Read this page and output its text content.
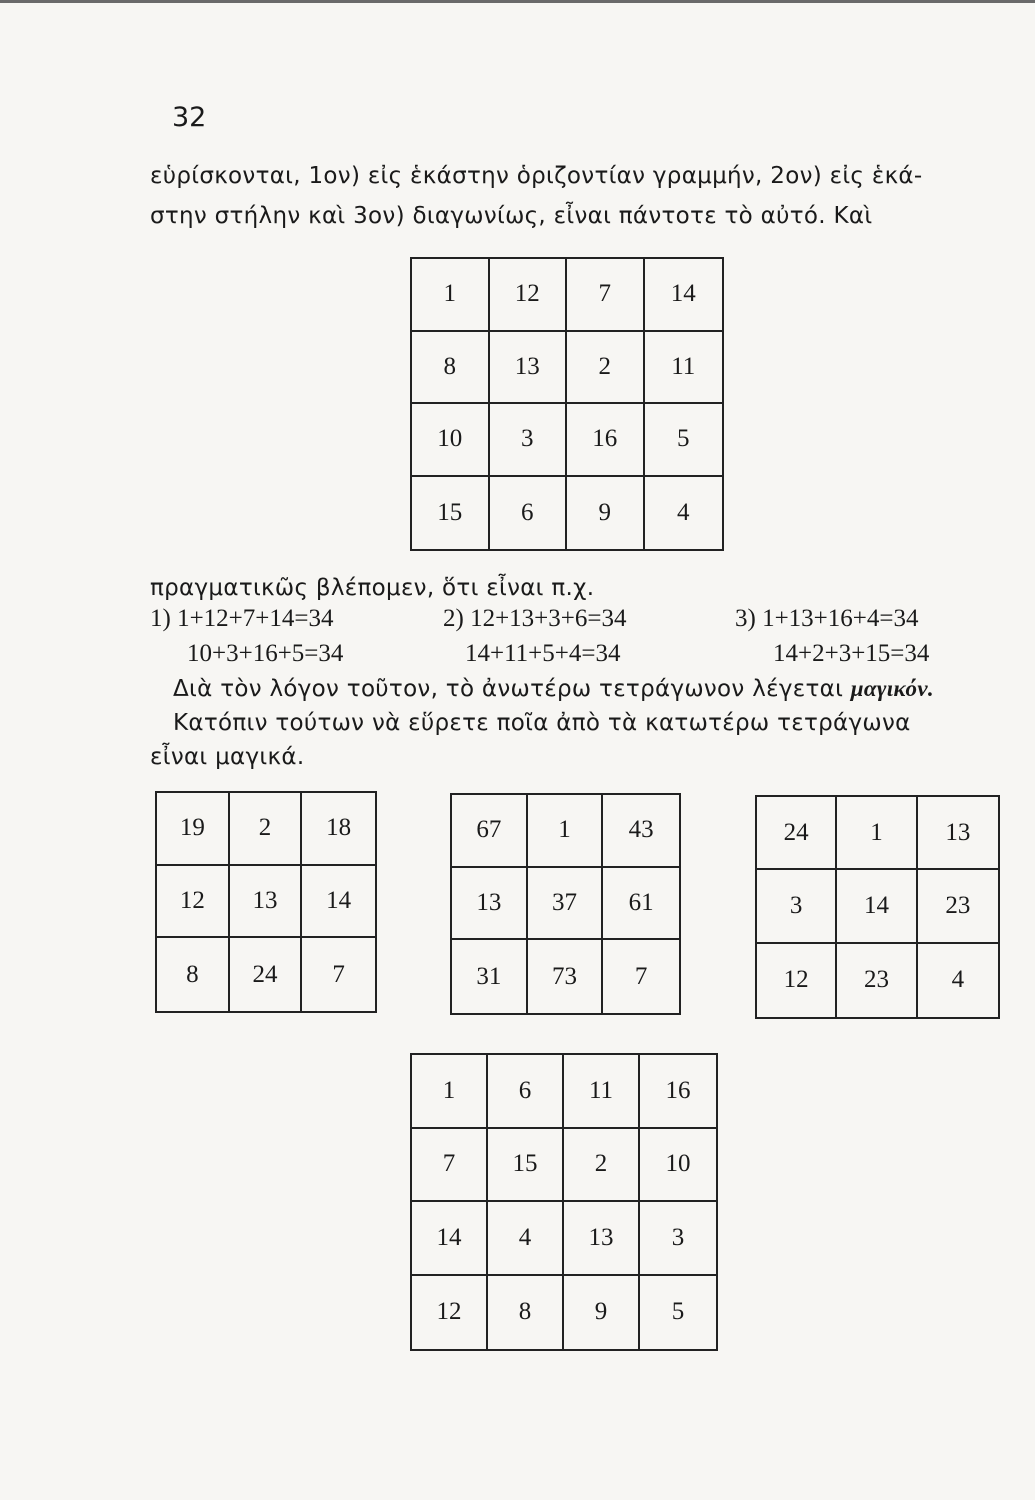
32
εὑρίσκονται, 1ον) εἰς ἑκάστην ὁριζοντίαν γραμμήν, 2ον) εἰς ἑκά-
στην στήλην καὶ 3ον) διαγωνίως, εἶναι πάντοτε τὸ αὐτό. Καὶ
1	12	7	14
8	13	2	11
10	3	16	5
15	6	9	4
πραγματικῶς βλέπομεν, ὅτι εἶναι π.χ.
1) 1+12+7+14=34	2) 12+13+3+6=34	3) 1+13+16+4=34
10+3+16+5=34	14+11+5+4=34	14+2+3+15=34
Διὰ τὸν λόγον τοῦτον, τὸ ἀνωτέρω τετράγωνον λέγεται μαγικόν.
Κατόπιν τούτων νὰ εὕρετε ποῖα ἀπὸ τὰ κατωτέρω τετράγωνα
εἶναι μαγικά.
19	2	18
12	13	14
8	24	7
67	1	43
13	37	61
31	73	7
24	1	13
3	14	23
12	23	4
1	6	11	16
7	15	2	10
14	4	13	3
12	8	9	5
